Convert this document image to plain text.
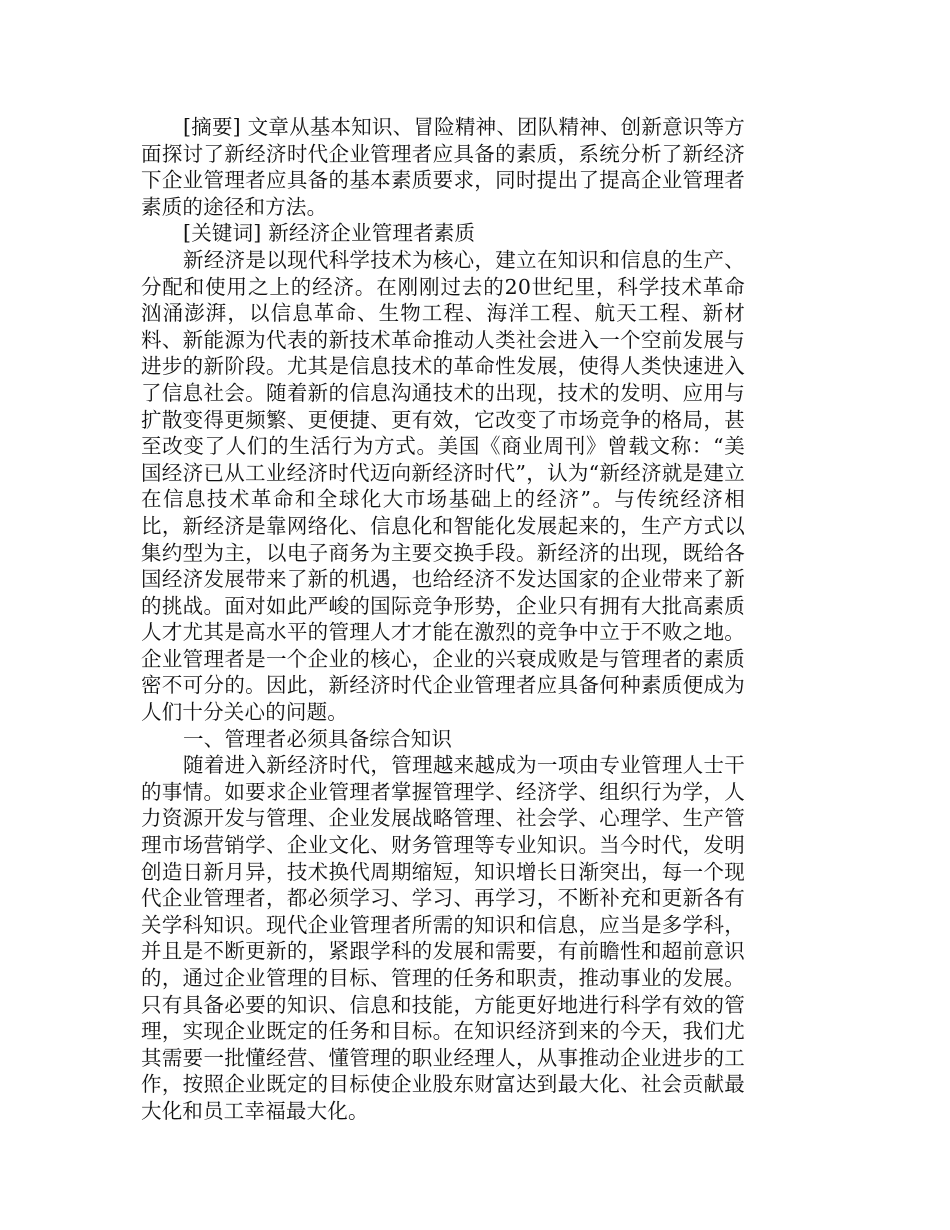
[摘要] 文章从基本知识、冒险精神、团队精神、创新意识等方面探讨了新经济时代企业管理者应具备的素质，系统分析了新经济下企业管理者应具备的基本素质要求，同时提出了提高企业管理者素质的途径和方法。

[关键词] 新经济企业管理者素质

新经济是以现代科学技术为核心，建立在知识和信息的生产、分配和使用之上的经济。在刚刚过去的20世纪里，科学技术革命汹涌澎湃，以信息革命、生物工程、海洋工程、航天工程、新材料、新能源为代表的新技术革命推动人类社会进入一个空前发展与进步的新阶段。尤其是信息技术的革命性发展，使得人类快速进入了信息社会。随着新的信息沟通技术的出现，技术的发明、应用与扩散变得更频繁、更便捷、更有效，它改变了市场竞争的格局，甚至改变了人们的生活行为方式。美国《商业周刊》曾载文称：“美国经济已从工业经济时代迈向新经济时代”，认为“新经济就是建立在信息技术革命和全球化大市场基础上的经济”。与传统经济相比，新经济是靠网络化、信息化和智能化发展起来的，生产方式以集约型为主，以电子商务为主要交换手段。新经济的出现，既给各国经济发展带来了新的机遇，也给经济不发达国家的企业带来了新的挑战。面对如此严峻的国际竞争形势，企业只有拥有大批高素质人才尤其是高水平的管理人才才能在激烈的竞争中立于不败之地。企业管理者是一个企业的核心，企业的兴衰成败是与管理者的素质密不可分的。因此，新经济时代企业管理者应具备何种素质便成为人们十分关心的问题。

一、管理者必须具备综合知识

随着进入新经济时代，管理越来越成为一项由专业管理人士干的事情。如要求企业管理者掌握管理学、经济学、组织行为学，人力资源开发与管理、企业发展战略管理、社会学、心理学、生产管理市场营销学、企业文化、财务管理等专业知识。当今时代，发明创造日新月异，技术换代周期缩短，知识增长日渐突出，每一个现代企业管理者，都必须学习、学习、再学习，不断补充和更新各有关学科知识。现代企业管理者所需的知识和信息，应当是多学科，并且是不断更新的，紧跟学科的发展和需要，有前瞻性和超前意识的，通过企业管理的目标、管理的任务和职责，推动事业的发展。只有具备必要的知识、信息和技能，方能更好地进行科学有效的管理，实现企业既定的任务和目标。在知识经济到来的今天，我们尤其需要一批懂经营、懂管理的职业经理人，从事推动企业进步的工作，按照企业既定的目标使企业股东财富达到最大化、社会贡献最大化和员工幸福最大化。
